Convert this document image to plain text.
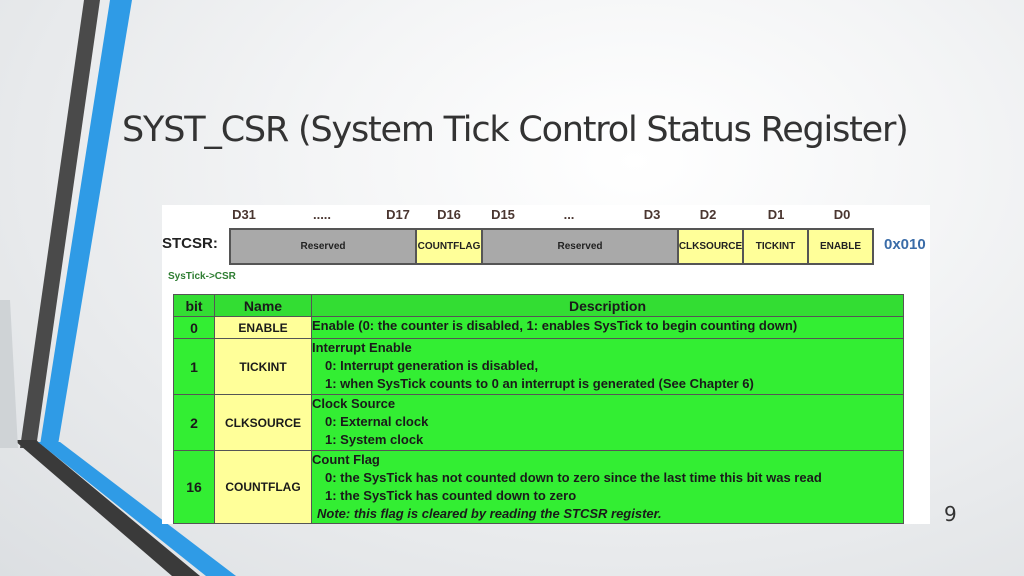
SYST_CSR (System Tick Control Status Register)
D31	.....	D17	D16	D15	...	D3	D2	D1	D0
STCSR:	Reserved	COUNTFLAG	Reserved	CLKSOURCE	TICKINT	ENABLE	0x010
SysTick->CSR
bit	Name	Description
0	ENABLE	Enable (0: the counter is disabled, 1: enables SysTick to begin counting down)

1	TICKINT	Interrupt Enable
0: Interrupt generation is disabled,
1: when SysTick counts to 0 an interrupt is generated (See Chapter 6)

2	CLKSOURCE	Clock Source
0: External clock
1: System clock

16	COUNTFLAG	Count Flag
0: the SysTick has not counted down to zero since the last time this bit was read
1: the SysTick has counted down to zero
Note: this flag is cleared by reading the STCSR register.	9
